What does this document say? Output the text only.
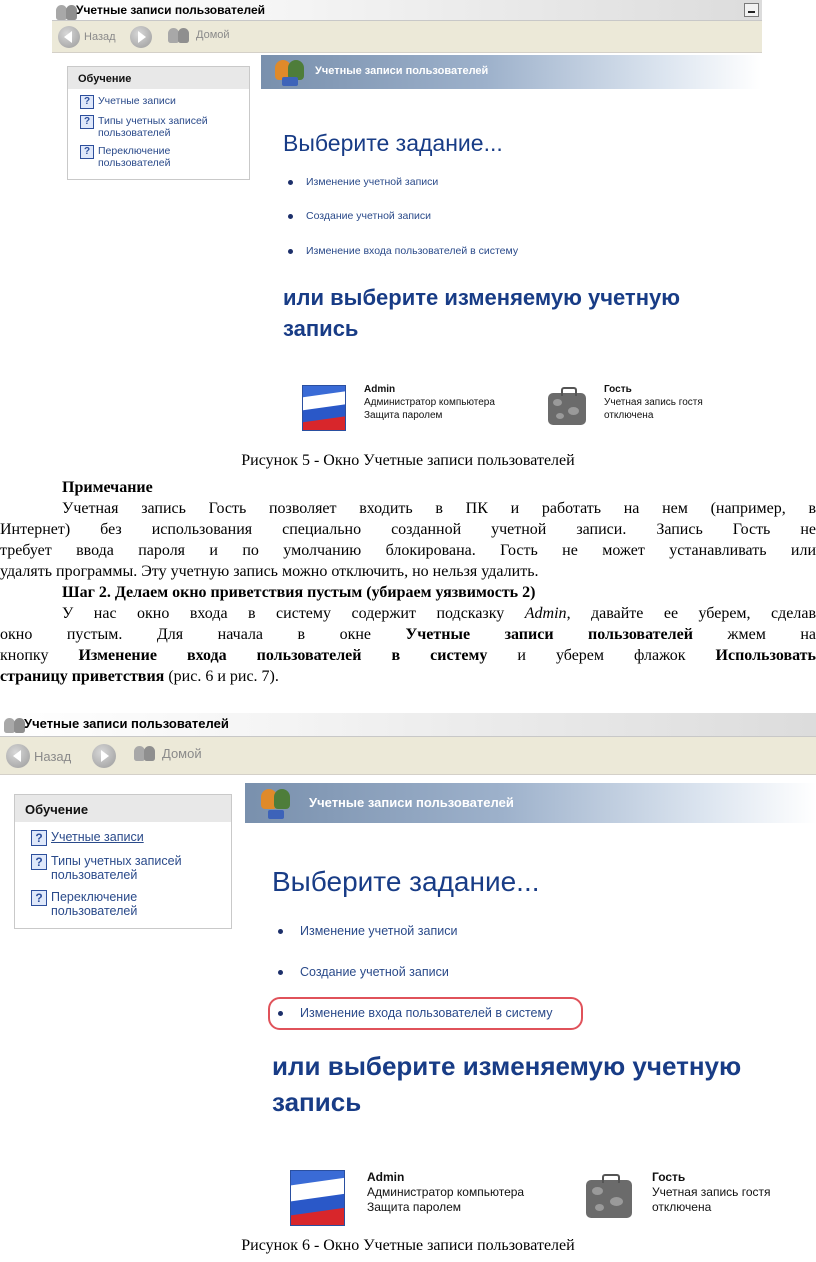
Учетные записи пользователей
Назад	Домой
Обучение
? Учетные записи
? Типы учетных записей пользователей
? Переключение пользователей
Учетные записи пользователей
Выберите задание...
Изменение учетной записи
Создание учетной записи
Изменение входа пользователей в систему
или выберите изменяемую учетную запись
Admin
Администратор компьютера
Защита паролем
Гость
Учетная запись гостя
отключена
Рисунок 5 - Окно Учетные записи пользователей
Примечание
Учетная запись Гость позволяет входить в ПК и работать на нем (например, в
Интернет) без использования специально созданной учетной записи. Запись Гость не
требует ввода пароля и по умолчанию блокирована. Гость не может устанавливать или
удалять программы. Эту учетную запись можно отключить, но нельзя удалить.
Шаг 2. Делаем окно приветствия пустым (убираем уязвимость 2)
У нас окно входа в систему содержит подсказку Admin, давайте ее уберем, сделав
окно пустым. Для начала в окне Учетные записи пользователей жмем на
кнопку Изменение входа пользователей в систему и уберем флажок Использовать
страницу приветствия (рис. 6 и рис. 7).
Учетные записи пользователей
Назад	Домой
Обучение
? Учетные записи
? Типы учетных записей пользователей
? Переключение пользователей
Учетные записи пользователей
Выберите задание...
Изменение учетной записи
Создание учетной записи
Изменение входа пользователей в систему
или выберите изменяемую учетную запись
Admin
Администратор компьютера
Защита паролем
Гость
Учетная запись гостя
отключена
Рисунок 6 - Окно Учетные записи пользователей
